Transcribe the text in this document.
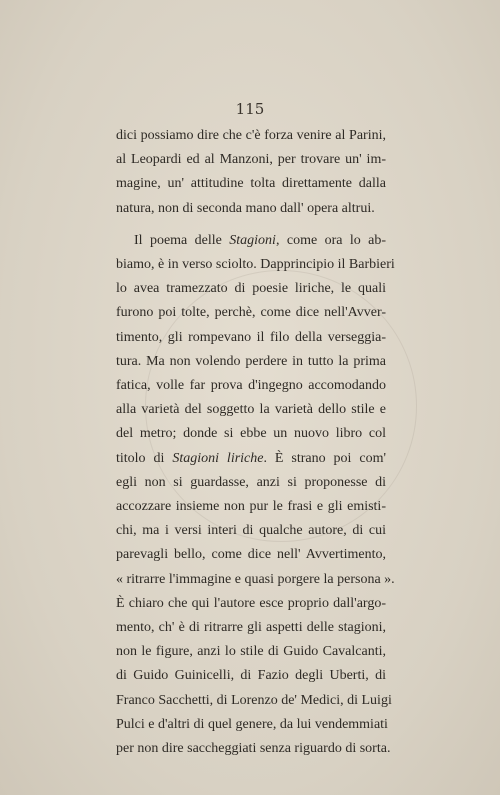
115
dici possiamo dire che c'è forza venire al Parini,
al Leopardi ed al Manzoni, per trovare un' im-
magine, un' attitudine tolta direttamente dalla
natura, non di seconda mano dall' opera altrui.
Il poema delle Stagioni, come ora lo ab-
biamo, è in verso sciolto. Dapprincipio il Barbieri
lo avea tramezzato di poesie liriche, le quali
furono poi tolte, perchè, come dice nell'Avver-
timento, gli rompevano il filo della verseggia-
tura. Ma non volendo perdere in tutto la prima
fatica, volle far prova d'ingegno accomodando
alla varietà del soggetto la varietà dello stile e
del metro; donde si ebbe un nuovo libro col
titolo di Stagioni liriche. È strano poi com'
egli non si guardasse, anzi si proponesse di
accozzare insieme non pur le frasi e gli emisti-
chi, ma i versi interi di qualche autore, di cui
parevagli bello, come dice nell' Avvertimento,
« ritrarre l'immagine e quasi porgere la persona ».
È chiaro che qui l'autore esce proprio dall'argo-
mento, ch' è di ritrarre gli aspetti delle stagioni,
non le figure, anzi lo stile di Guido Cavalcanti,
di Guido Guinicelli, di Fazio degli Uberti, di
Franco Sacchetti, di Lorenzo de' Medici, di Luigi
Pulci e d'altri di quel genere, da lui vendemmiati
per non dire saccheggiati senza riguardo di sorta.
